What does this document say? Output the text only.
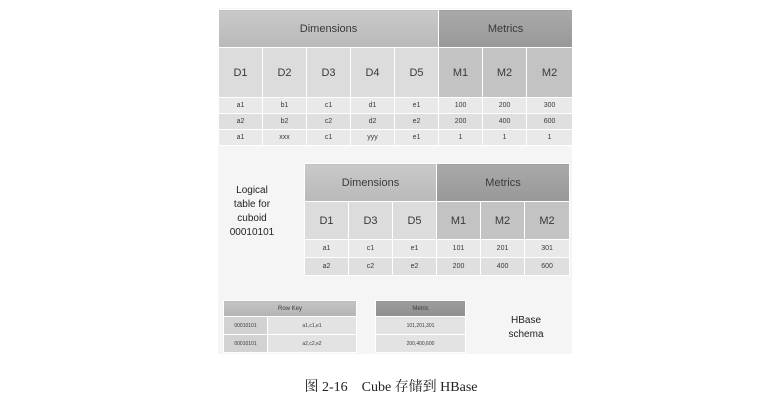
Dimensions					Metrics		
D1	D2	D3	D4	D5	M1	M2	M2
a1	b1	c1	d1	e1	100	200	300
a2	b2	c2	d2	e2	200	400	600
a1	xxx	c1	yyy	e1	1	1	1
Logical
table for
cuboid
00010101
Dimensions			Metrics		
D1	D3	D5	M1	M2	M2
a1	c1	e1	101	201	301
a2	c2	e2	200	400	600
Row Key	
00010101	a1,c1,e1
00010101	a2,c2,e2
Metric
101,201,301
200,400,600
HBase
schema
图 2-16　Cube 存储到 HBase
